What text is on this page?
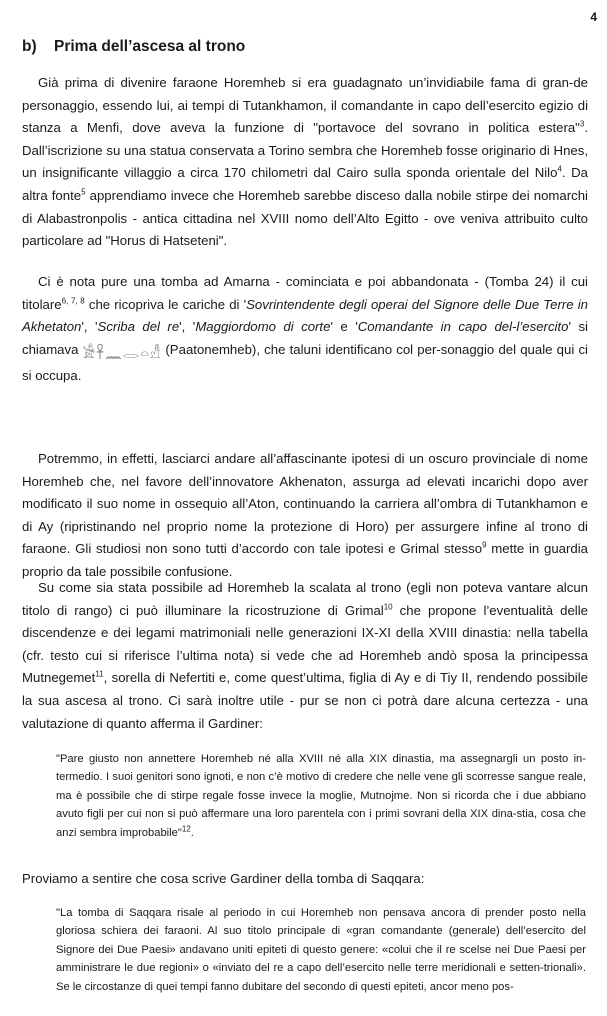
4
b) Prima dell’ascesa al trono

Già prima di divenire faraone Horemheb si era guadagnato un’invidiabile fama di gran-de personaggio, essendo lui, ai tempi di Tutankhamon, il comandante in capo dell’esercito egizio di stanza a Menfi, dove aveva la funzione di "portavoce del sovrano in politica estera"$^3$. Dall’iscrizione su una statua conservata a Torino sembra che Horemheb fosse originario di Hnes, un insignificante villaggio a circa 170 chilometri dal Cairo sulla sponda orientale del Nilo$^4$. Da altra fonte$^5$ apprendiamo invece che Horemheb sarebbe disceso dalla nobile stirpe dei nomarchi di Alabastronpolis - antica cittadina nel XVIII nomo dell’Alto Egitto - ove veniva attribuito culto particolare ad "Horus di Hatseteni".

Ci è nota pure una tomba ad Amarna - cominciata e poi abbandonata - (Tomba 24) il cui titolare$^{6, 7, 8}$ che ricopriva le cariche di 'Sovrintendente degli operai del Signore delle Due Terre in Akhetaton', 'Scriba del re', 'Maggiordomo di corte' e 'Comandante in capo del-l’esercito' si chiamava 𓀀𓋹𓈖𓂋𓏏𓀭 (Paatonemheb), che taluni identificano col per-sonaggio del quale qui ci si occupa.

Potremmo, in effetti, lasciarci andare all’affascinante ipotesi di un oscuro provinciale di nome Horemheb che, nel favore dell’innovatore Akhenaton, assurga ad elevati incarichi dopo aver modificato il suo nome in ossequio all’Aton, continuando la carriera all’ombra di Tutankhamon e di Ay (ripristinando nel proprio nome la protezione di Horo) per assurgere infine al trono di faraone. Gli studiosi non sono tutti d’accordo con tale ipotesi e Grimal stesso$^9$ mette in guardia proprio da tale possibile confusione.

Su come sia stata possibile ad Horemheb la scalata al trono (egli non poteva vantare alcun titolo di rango) ci può illuminare la ricostruzione di Grimal$^{10}$ che propone l’eventualità delle discendenze e dei legami matrimoniali nelle generazioni IX-XI della XVIII dinastia: nella tabella (cfr. testo cui si riferisce l’ultima nota) si vede che ad Horemheb andò sposa la principessa Mutnegemet$^{11}$, sorella di Nefertiti e, come quest’ultima, figlia di Ay e di Tiy II, rendendo possibile la sua ascesa al trono. Ci sarà inoltre utile - pur se non ci potrà dare alcuna certezza - una valutazione di quanto afferma il Gardiner:

"Pare giusto non annettere Horemheb né alla XVIII né alla XIX dinastia, ma assegnargli un posto in-termedio. I suoi genitori sono ignoti, e non c’è motivo di credere che nelle vene gli scorresse sangue reale, ma è possibile che di stirpe regale fosse invece la moglie, Mutnojme. Non si ricorda che i due abbiano avuto figli per cui non si può affermare una loro parentela con i primi sovrani della XIX dina-stia, cosa che anzi sembra improbabile"$^{12}$.

Proviamo a sentire che cosa scrive Gardiner della tomba di Saqqara:

"La tomba di Saqqara risale al periodo in cui Horemheb non pensava ancora di prender posto nella gloriosa schiera dei faraoni. Al suo titolo principale di «gran comandante (generale) dell’esercito del Signore dei Due Paesi» andavano uniti epiteti di questo genere: «colui che il re scelse nei Due Paesi per amministrare le due regioni» o «inviato del re a capo dell’esercito nelle terre meridionali e setten-trionali». Se le circostanze di quei tempi fanno dubitare del secondo di questi epiteti, ancor meno pos-
